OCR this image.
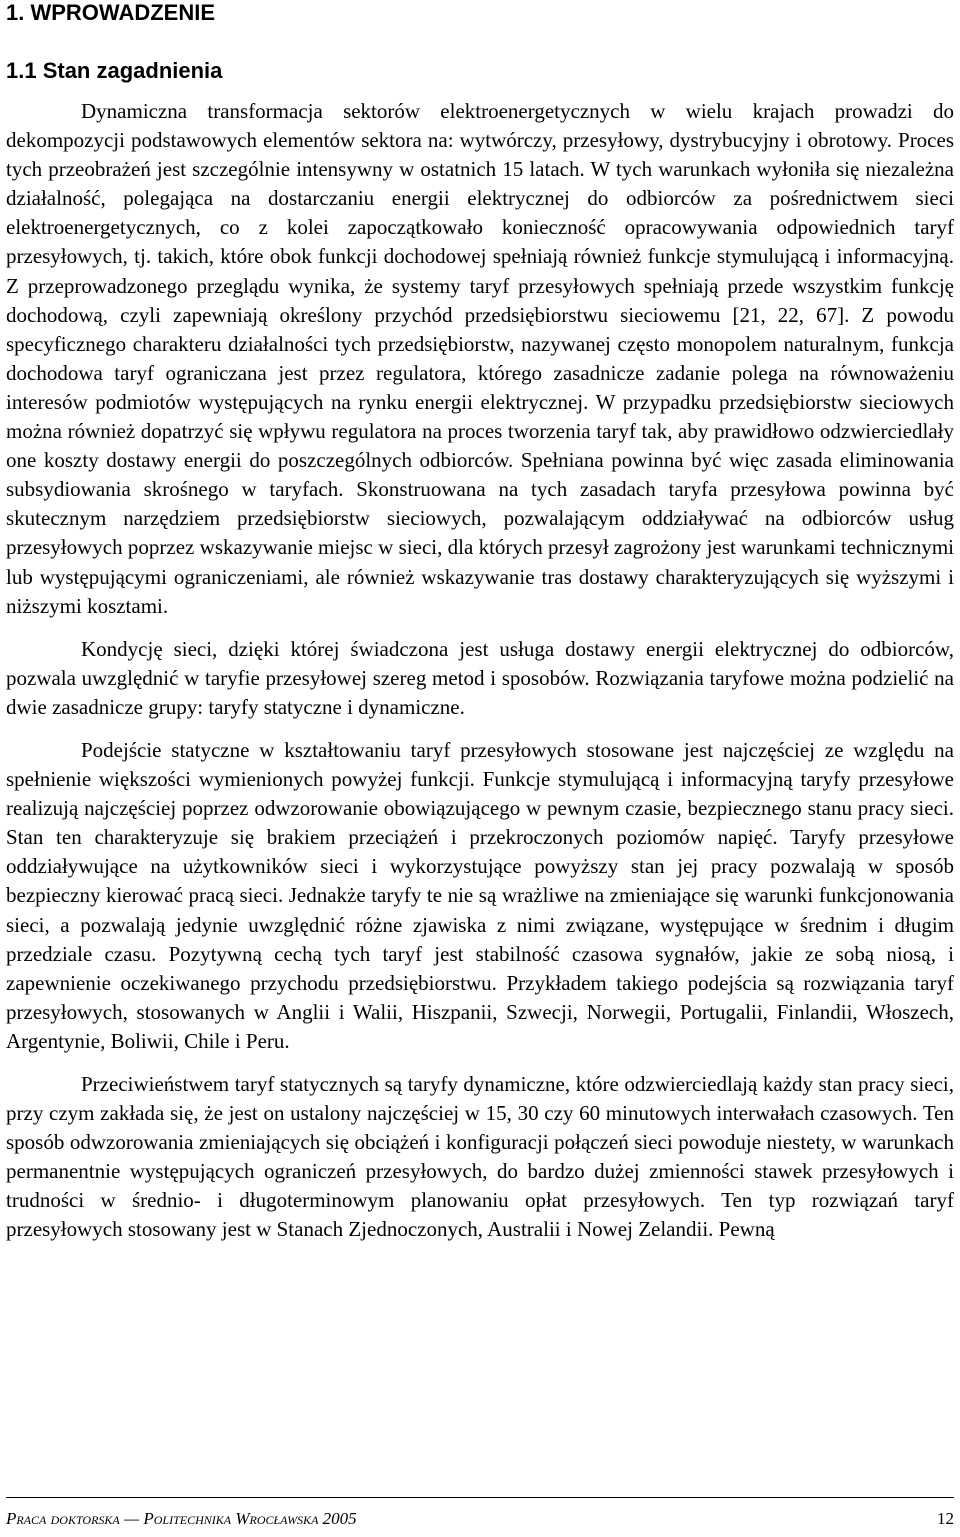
1. WPROWADZENIE
1.1 Stan zagadnienia

Dynamiczna transformacja sektorów elektroenergetycznych w wielu krajach prowadzi do dekompozycji podstawowych elementów sektora na: wytwórczy, przesyłowy, dystrybucyjny i obrotowy. Proces tych przeobrażeń jest szczególnie intensywny w ostatnich 15 latach. W tych warunkach wyłoniła się niezależna działalność, polegająca na dostarczaniu energii elektrycznej do odbiorców za pośrednictwem sieci elektroenergetycznych, co z kolei zapoczątkowało konieczność opracowywania odpowiednich taryf przesyłowych, tj. takich, które obok funkcji dochodowej spełniają również funkcje stymulującą i informacyjną. Z przeprowadzonego przeglądu wynika, że systemy taryf przesyłowych spełniają przede wszystkim funkcję dochodową, czyli zapewniają określony przychód przedsiębiorstwu sieciowemu [21, 22, 67]. Z powodu specyficznego charakteru działalności tych przedsiębiorstw, nazywanej często monopolem naturalnym, funkcja dochodowa taryf ograniczana jest przez regulatora, którego zasadnicze zadanie polega na równoważeniu interesów podmiotów występujących na rynku energii elektrycznej. W przypadku przedsiębiorstw sieciowych można również dopatrzyć się wpływu regulatora na proces tworzenia taryf tak, aby prawidłowo odzwierciedlały one koszty dostawy energii do poszczególnych odbiorców. Spełniana powinna być więc zasada eliminowania subsydiowania skrośnego w taryfach. Skonstruowana na tych zasadach taryfa przesyłowa powinna być skutecznym narzędziem przedsiębiorstw sieciowych, pozwalającym oddziaływać na odbiorców usług przesyłowych poprzez wskazywanie miejsc w sieci, dla których przesył zagrożony jest warunkami technicznymi lub występującymi ograniczeniami, ale również wskazywanie tras dostawy charakteryzujących się wyższymi i niższymi kosztami.

Kondycję sieci, dzięki której świadczona jest usługa dostawy energii elektrycznej do odbiorców, pozwala uwzględnić w taryfie przesyłowej szereg metod i sposobów. Rozwiązania taryfowe można podzielić na dwie zasadnicze grupy: taryfy statyczne i dynamiczne.

Podejście statyczne w kształtowaniu taryf przesyłowych stosowane jest najczęściej ze względu na spełnienie większości wymienionych powyżej funkcji. Funkcje stymulującą i informacyjną taryfy przesyłowe realizują najczęściej poprzez odwzorowanie obowiązującego w pewnym czasie, bezpiecznego stanu pracy sieci. Stan ten charakteryzuje się brakiem przeciążeń i przekroczonych poziomów napięć. Taryfy przesyłowe oddziaływujące na użytkowników sieci i wykorzystujące powyższy stan jej pracy pozwalają w sposób bezpieczny kierować pracą sieci. Jednakże taryfy te nie są wrażliwe na zmieniające się warunki funkcjonowania sieci, a pozwalają jedynie uwzględnić różne zjawiska z nimi związane, występujące w średnim i długim przedziale czasu. Pozytywną cechą tych taryf jest stabilność czasowa sygnałów, jakie ze sobą niosą, i zapewnienie oczekiwanego przychodu przedsiębiorstwu. Przykładem takiego podejścia są rozwiązania taryf przesyłowych, stosowanych w Anglii i Walii, Hiszpanii, Szwecji, Norwegii, Portugalii, Finlandii, Włoszech, Argentynie, Boliwii, Chile i Peru.

Przeciwieństwem taryf statycznych są taryfy dynamiczne, które odzwierciedlają każdy stan pracy sieci, przy czym zakłada się, że jest on ustalony najczęściej w 15, 30 czy 60 minutowych interwałach czasowych. Ten sposób odwzorowania zmieniających się obciążeń i konfiguracji połączeń sieci powoduje niestety, w warunkach permanentnie występujących ograniczeń przesyłowych, do bardzo dużej zmienności stawek przesyłowych i trudności w średnio- i długoterminowym planowaniu opłat przesyłowych. Ten typ rozwiązań taryf przesyłowych stosowany jest w Stanach Zjednoczonych, Australii i Nowej Zelandii. Pewną

Praca doktorska — Politechnika Wrocławska 2005	12
